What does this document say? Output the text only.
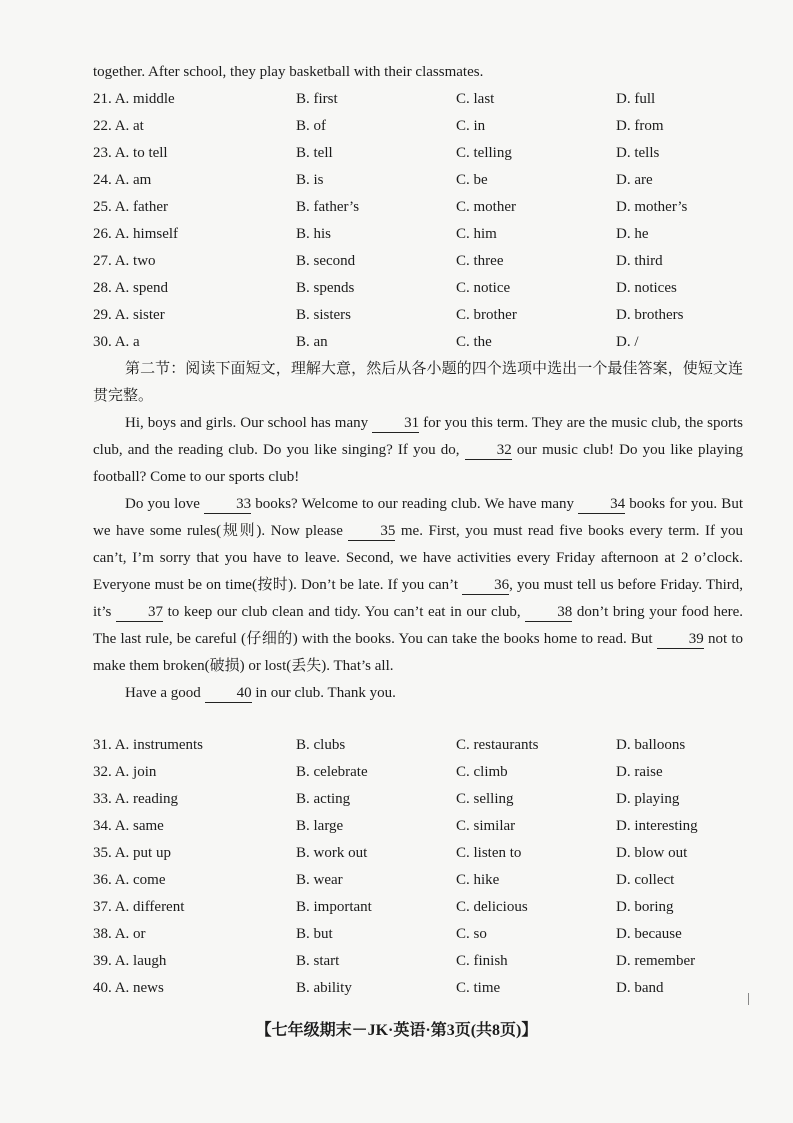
together. After school, they play basketball with their classmates.
21. A. middle	B. first	C. last	D. full
22. A. at	B. of	C. in	D. from
23. A. to tell	B. tell	C. telling	D. tells
24. A. am	B. is	C. be	D. are
25. A. father	B. father’s	C. mother	D. mother’s
26. A. himself	B. his	C. him	D. he
27. A. two	B. second	C. three	D. third
28. A. spend	B. spends	C. notice	D. notices
29. A. sister	B. sisters	C. brother	D. brothers
30. A. a	B. an	C. the	D. /

第二节：阅读下面短文，理解大意，然后从各小题的四个选项中选出一个最佳答案，使短文连贯完整。

Hi, boys and girls. Our school has many 31 for you this term. They are the music club, the sports club, and the reading club. Do you like singing? If you do, 32 our music club! Do you like playing football? Come to our sports club!

Do you love 33 books? Welcome to our reading club. We have many 34 books for you. But we have some rules(规则). Now please 35 me. First, you must read five books every term. If you can’t, I’m sorry that you have to leave. Second, we have activities every Friday afternoon at 2 o’clock. Everyone must be on time(按时). Don’t be late. If you can’t 36, you must tell us before Friday. Third, it’s 37 to keep our club clean and tidy. You can’t eat in our club, 38 don’t bring your food here. The last rule, be careful (仔细的) with the books. You can take the books home to read. But 39 not to make them broken(破损) or lost(丢失). That’s all.

Have a good 40 in our club. Thank you.

31. A. instruments	B. clubs	C. restaurants	D. balloons
32. A. join	B. celebrate	C. climb	D. raise
33. A. reading	B. acting	C. selling	D. playing
34. A. same	B. large	C. similar	D. interesting
35. A. put up	B. work out	C. listen to	D. blow out
36. A. come	B. wear	C. hike	D. collect
37. A. different	B. important	C. delicious	D. boring
38. A. or	B. but	C. so	D. because
39. A. laugh	B. start	C. finish	D. remember
40. A. news	B. ability	C. time	D. band
【七年级期末－JK·英语·第3页(共8页)】
